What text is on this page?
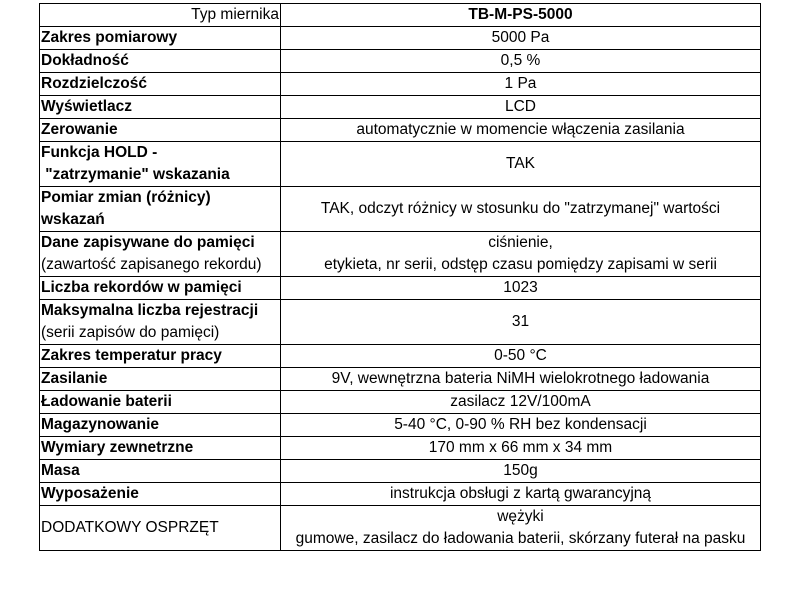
Typ miernika	TB-M-PS-5000
Zakres pomiarowy	5000 Pa
Dokładność	0,5 %
Rozdzielczość	1 Pa
Wyświetlacz	LCD
Zerowanie	automatycznie w momencie włączenia zasilania

Funkcja HOLD -
"zatrzymanie" wskazania	TAK

Pomiar zmian (różnicy)
wskazań	TAK, odczyt różnicy w stosunku do "zatrzymanej" wartości

Dane zapisywane do pamięci
(zawartość zapisanego rekordu)	ciśnienie,
etykieta, nr serii, odstęp czasu pomiędzy zapisami w serii

Liczba rekordów w pamięci	1023

Maksymalna liczba rejestracji
(serii zapisów do pamięci)	31
Zakres temperatur pracy	0-50 °C
Zasilanie	9V, wewnętrzna bateria NiMH wielokrotnego ładowania
Ładowanie baterii	zasilacz 12V/100mA
Magazynowanie	5-40 °C, 0-90 % RH bez kondensacji
Wymiary zewnetrzne	170 mm x 66 mm x 34 mm
Masa	150g
Wyposażenie	instrukcja obsługi z kartą gwarancyjną
DODATKOWY OSPRZĘT	wężyki
gumowe, zasilacz do ładowania baterii, skórzany futerał na pasku
